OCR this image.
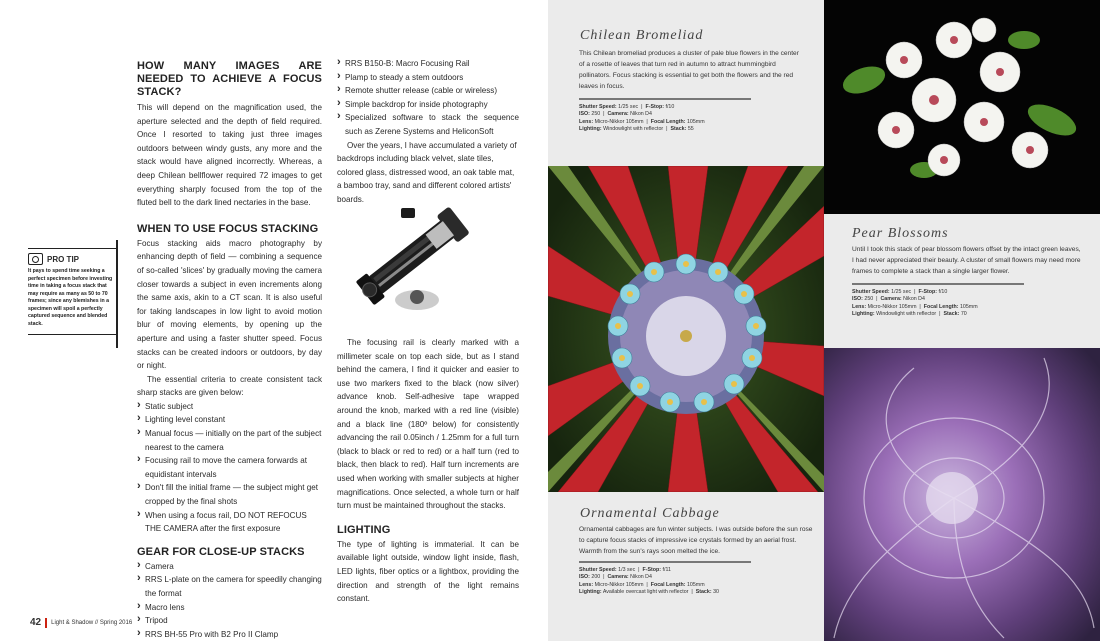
HOW MANY IMAGES ARE NEEDED TO ACHIEVE A FOCUS STACK?

This will depend on the magnification used, the aperture selected and the depth of field required. Once I resorted to taking just three images outdoors between windy gusts, any more and the stack would have aligned incorrectly. Whereas, a deep Chilean bellflower required 72 images to get everything sharply focused from the top of the fluted bell to the dark lined nectaries in the base.

WHEN TO USE FOCUS STACKING

Focus stacking aids macro photography by enhancing depth of field — combining a sequence of so-called 'slices' by gradually moving the camera closer towards a subject in even increments along the same axis, akin to a CT scan. It is also useful for taking landscapes in low light to avoid motion blur of moving elements, by opening up the aperture and using a faster shutter speed. Focus stacks can be created indoors or outdoors, by day or night.

The essential criteria to create consistent tack sharp stacks are given below:

› Static subject
› Lighting level constant
› Manual focus — initially on the part of the subject nearest to the camera
› Focusing rail to move the camera forwards at equidistant intervals
› Don't fill the initial frame — the subject might get cropped by the final shots
› When using a focus rail, DO NOT REFOCUS THE CAMERA after the first exposure
GEAR FOR CLOSE-UP STACKS
› Camera
› RRS L-plate on the camera for speedily changing the format
› Macro lens
› Tripod
› RRS BH-55 Pro with B2 Pro II Clamp
PRO TIP
It pays to spend time seeking a perfect specimen before investing time in taking a focus stack that may require as many as 50 to 70 frames; since any blemishes in a specimen will spoil a perfectly captured sequence and blended stack.
› RRS B150-B: Macro Focusing Rail
› Plamp to steady a stem outdoors
› Remote shutter release (cable or wireless)
› Simple backdrop for inside photography
› Specialized software to stack the sequence such as Zerene Systems and HeliconSoft

Over the years, I have accumulated a variety of backdrops including black velvet, slate tiles, colored glass, distressed wood, an oak table mat, a bamboo tray, sand and different colored artists' boards.

The focusing rail is clearly marked with a millimeter scale on top each side, but as I stand behind the camera, I find it quicker and easier to use two markers fixed to the black (now silver) advance knob. Self-adhesive tape wrapped around the knob, marked with a red line (visible) and a black line (180º below) for consistently advancing the rail 0.05inch / 1.25mm for a full turn (black to black or red to red) or a half turn (red to black, then black to red). Half turn increments are used when working with smaller subjects at higher magnifications. Once selected, a whole turn or half turn must be maintained throughout the stacks.

LIGHTING

The type of lighting is immaterial. It can be available light outside, window light inside, flash, LED lights, fiber optics or a lightbox, providing the direction and strength of the light remains constant.

42 Light & Shadow // Spring 2016
Chilean Bromeliad
This Chilean bromeliad produces a cluster of pale blue flowers in the center of a rosette of leaves that turn red in autumn to attract hummingbird pollinators. Focus stacking is essential to get both the flowers and the red leaves in focus.
Shutter Speed: 1/25 sec  |  F-Stop: f/10
ISO: 250  |  Camera: Nikon D4
Lens: Micro-Nikkor 105mm  |  Focal Length: 105mm
Lighting: Windowlight with reflector  |  Stack: 55
Ornamental Cabbage
Ornamental cabbages are fun winter subjects. I was outside before the sun rose to capture focus stacks of impressive ice crystals formed by an aerial frost. Warmth from the sun's rays soon melted the ice.
Shutter Speed: 1/3 sec  |  F-Stop: f/11
ISO: 200  |  Camera: Nikon D4
Lens: Micro-Nikkor 105mm  |  Focal Length: 105mm
Lighting: Available overcast light with reflector  |  Stack: 30
Pear Blossoms
Until I took this stack of pear blossom flowers offset by the intact green leaves, I had never appreciated their beauty. A cluster of small flowers may need more frames to complete a stack than a single larger flower.
Shutter Speed: 1/25 sec  |  F-Stop: f/10
ISO: 250  |  Camera: Nikon D4
Lens: Micro-Nikkor 105mm  |  Focal Length: 105mm
Lighting: Windowlight with reflector  |  Stack: 70
